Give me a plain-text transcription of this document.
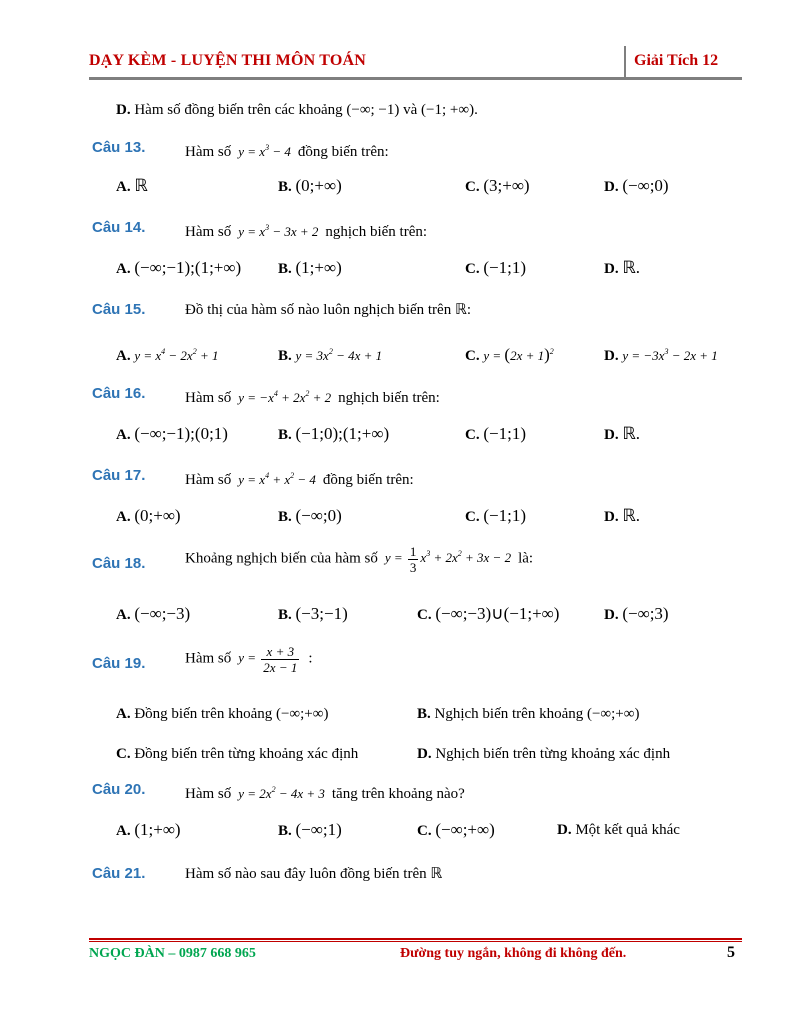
DẠY KÈM - LUYỆN THI MÔN TOÁN	Giải Tích 12
D. Hàm số đồng biến trên các khoảng (−∞; −1) và (−1; +∞).
Câu 13.	Hàm số  $y = x^3 - 4$  đồng biến trên:
A. ℝ	B. (0;+∞)	C. (3;+∞)	D. (−∞;0)
Câu 14.	Hàm số  $y = x^3 - 3x + 2$  nghịch biến trên:
A. (−∞;−1);(1;+∞) B. (1;+∞)	C. (−1;1)	D. ℝ.
Câu 15.	Đồ thị của hàm số nào luôn nghịch biến trên ℝ:
A. $y = x^4 - 2x^2 + 1$	B. $y = 3x^2 - 4x + 1$	C. $y = (2x + 1)^2$	D. $y = -3x^3 - 2x + 1$
Câu 16.	Hàm số  $y = -x^4 + 2x^2 + 2$  nghịch biến trên:
A. (−∞;−1);(0;1)	B. (−1;0);(1;+∞)	C. (−1;1)	D. ℝ.
Câu 17.	Hàm số  $y = x^4 + x^2 - 4$  đồng biến trên:
A. (0;+∞)	B. (−∞;0)	C. (−1;1)	D. ℝ.
Câu 18.	Khoảng nghịch biến của hàm số  $y = \frac{1}{3} x^3 + 2x^2 + 3x - 2$  là:
A. (−∞;−3)	B. (−3;−1)	C. (−∞;−3)∪(−1;+∞)	D. (−∞;3)
Câu 19.	Hàm số  $y = \frac{x + 3}{2x - 1}$ :
A. Đồng biến trên khoảng (−∞;+∞)	B. Nghịch biến trên khoảng (−∞;+∞)
C. Đồng biến trên từng khoảng xác định	D. Nghịch biến trên từng khoảng xác định
Câu 20.	Hàm số  $y = 2x^2 - 4x + 3$  tăng trên khoảng nào?
A. (1;+∞)	B. (−∞;1)	C. (−∞;+∞)	D. Một kết quả khác
Câu 21.	Hàm số nào sau đây luôn đồng biến trên ℝ
NGỌC ĐÀN – 0987 668 965	Đường tuy ngắn, không đi không đến.	5
